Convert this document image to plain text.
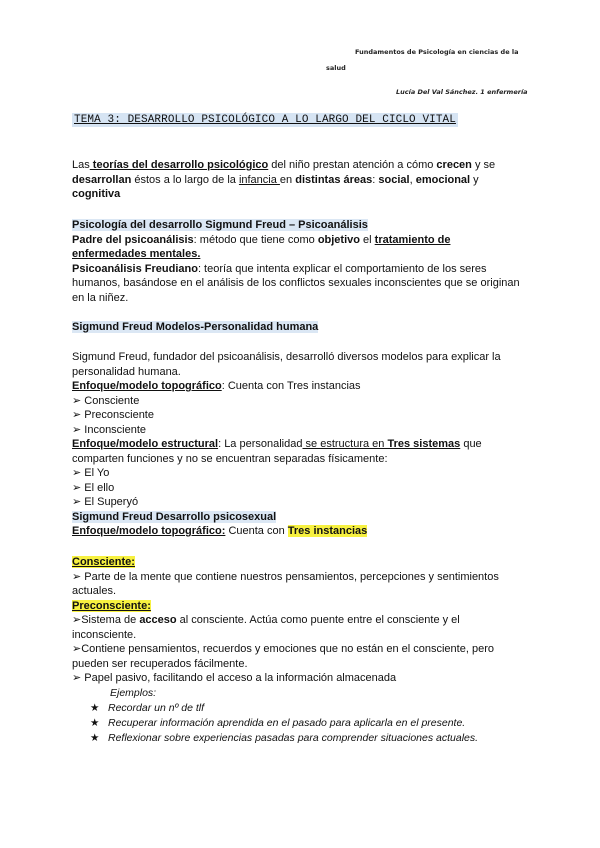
Fundamentos de Psicología en ciencias de la
salud
Lucía Del Val Sánchez. 1 enfermería
TEMA 3: DESARROLLO PSICOLÓGICO A LO LARGO DEL CICLO VITAL
Las teorías del desarrollo psicológico del niño prestan atención a cómo crecen y se
desarrollan éstos a lo largo de la infancia en distintas áreas: social, emocional y
cognitiva
Psicología del desarrollo Sigmund Freud – Psicoanálisis
Padre del psicoanálisis: método que tiene como objetivo el tratamiento de
enfermedades mentales.
Psicoanálisis Freudiano: teoría que intenta explicar el comportamiento de los seres
humanos, basándose en el análisis de los conflictos sexuales inconscientes que se originan
en la niñez.
Sigmund Freud Modelos-Personalidad humana
Sigmund Freud, fundador del psicoanálisis, desarrolló diversos modelos para explicar la
personalidad humana.
Enfoque/modelo topográfico: Cuenta con Tres instancias
➢ Consciente
➢ Preconsciente
➢ Inconsciente
Enfoque/modelo estructural: La personalidad se estructura en Tres sistemas que
comparten funciones y no se encuentran separadas físicamente:
➢ El Yo
➢ El ello
➢ El Superyó
Sigmund Freud Desarrollo psicosexual
Enfoque/modelo topográfico: Cuenta con Tres instancias
Consciente:
➢ Parte de la mente que contiene nuestros pensamientos, percepciones y sentimientos
actuales.
Preconsciente:
➢Sistema de acceso al consciente. Actúa como puente entre el consciente y el
inconsciente.
➢Contiene pensamientos, recuerdos y emociones que no están en el consciente, pero
pueden ser recuperados fácilmente.
➢ Papel pasivo, facilitando el acceso a la información almacenada
Ejemplos:
★ Recordar un nº de tlf
★ Recuperar información aprendida en el pasado para aplicarla en el presente.
★ Reflexionar sobre experiencias pasadas para comprender situaciones actuales.
